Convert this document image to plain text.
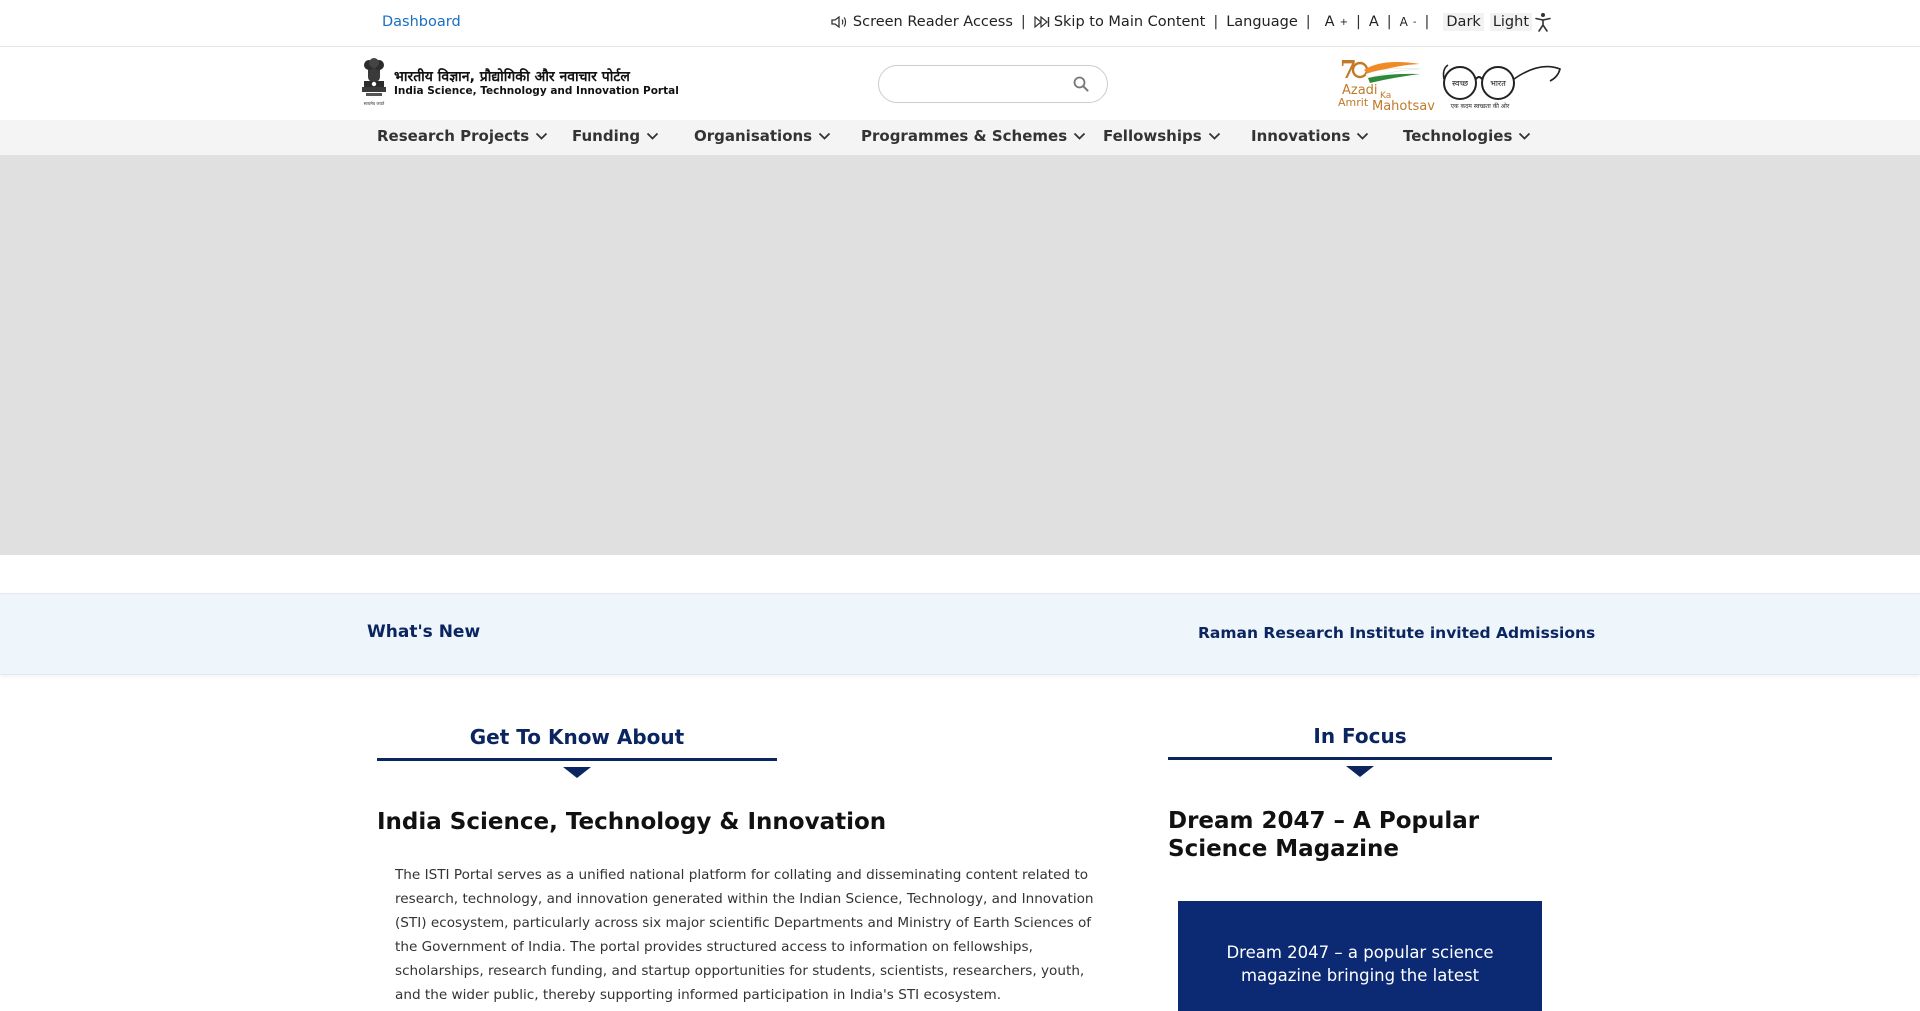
Dashboard	Screen Reader Access | Skip to Main Content | Language | A + | A | A - | Dark Light
सत्यमेव जयते
भारतीय विज्ञान, प्रौद्योगिकी और नवाचार पोर्टल
India Science, Technology and Innovation Portal
7
Azadi Ka
Amrit Mahotsav
स्वच्छ	भारत
एक कदम स्वच्छता की ओर
Research Projects	Funding	Organisations	Programmes & Schemes Fellowships	Innovations	Technologies
What's New	Raman Research Institute invited Admissions
Get To Know About
India Science, Technology & Innovation
The ISTI Portal serves as a unified national platform for collating and disseminating content related to research, technology, and innovation generated within the Indian Science, Technology, and Innovation (STI) ecosystem, particularly across six major scientific Departments and Ministry of Earth Sciences of the Government of India. The portal provides structured access to information on fellowships, scholarships, research funding, and startup opportunities for students, scientists, researchers, youth, and the wider public, thereby supporting informed participation in India's STI ecosystem.
In Focus
Dream 2047 – A Popular Science Magazine
Dream 2047 – a popular science magazine bringing the latest
